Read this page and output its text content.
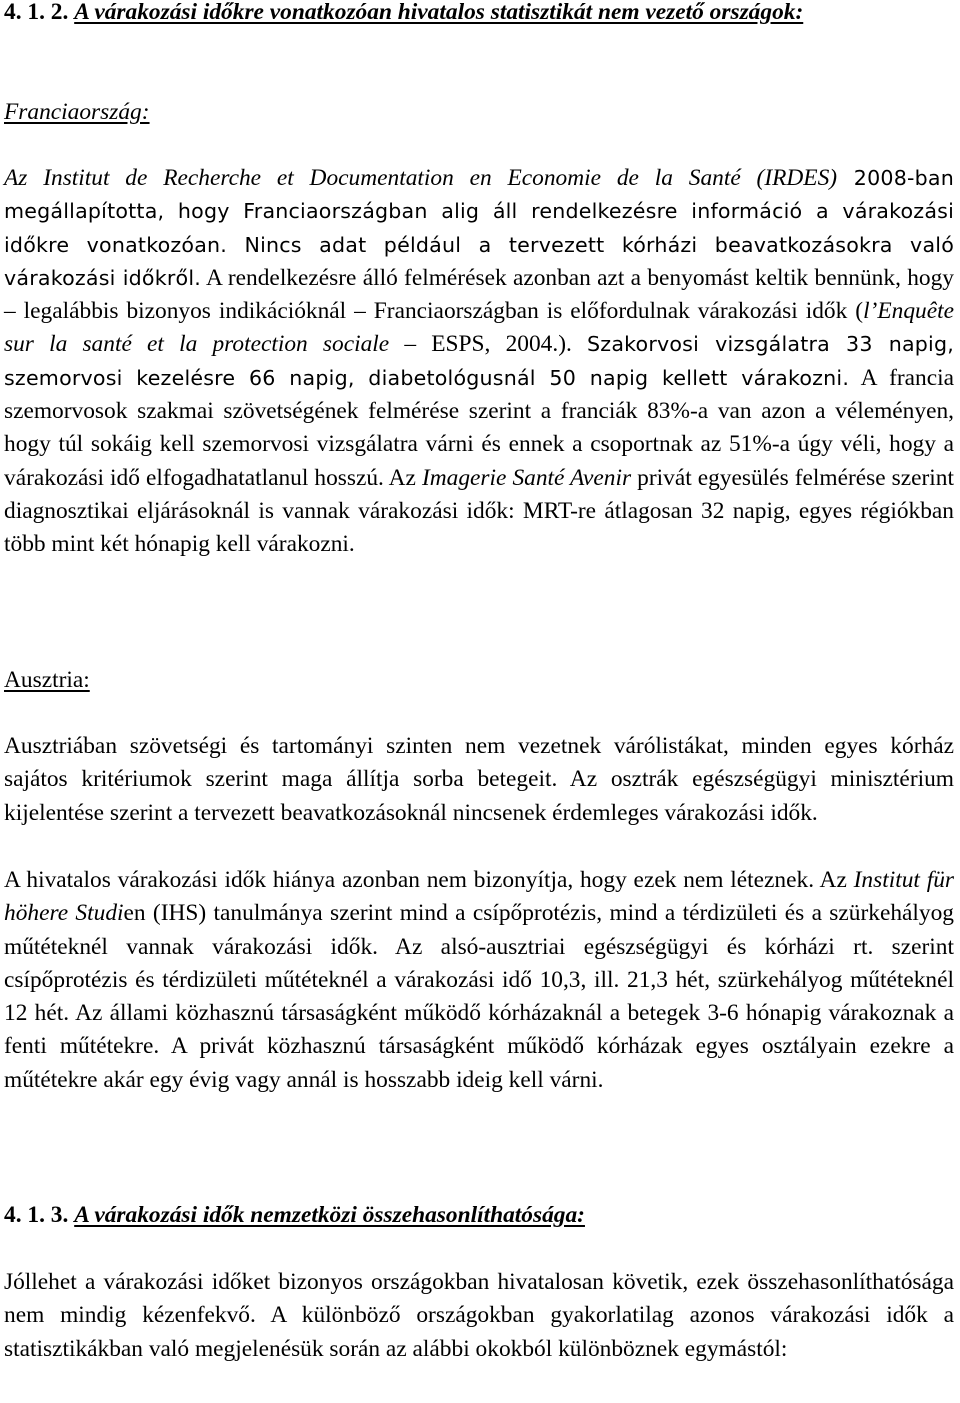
4. 1. 2. A várakozási időkre vonatkozóan hivatalos statisztikát nem vezető országok:

Franciaország:

Az Institut de Recherche et Documentation en Economie de la Santé (IRDES) 2008-ban megállapította, hogy Franciaországban alig áll rendelkezésre információ a várakozási időkre vonatkozóan. Nincs adat például a tervezett kórházi beavatkozásokra való várakozási időkről. A rendelkezésre álló felmérések azonban azt a benyomást keltik bennünk, hogy – legalábbis bizonyos indikációknál – Franciaországban is előfordulnak várakozási idők (l’Enquête sur la santé et la protection sociale – ESPS, 2004.). Szakorvosi vizsgálatra 33 napig, szemorvosi kezelésre 66 napig, diabetológusnál 50 napig kellett várakozni. A francia szemorvosok szakmai szövetségének felmérése szerint a franciák 83%-a van azon a véleményen, hogy túl sokáig kell szemorvosi vizsgálatra várni és ennek a csoportnak az 51%-a úgy véli, hogy a várakozási idő elfogadhatatlanul hosszú. Az Imagerie Santé Avenir privát egyesülés felmérése szerint diagnosztikai eljárásoknál is vannak várakozási idők: MRT-re átlagosan 32 napig, egyes régiókban több mint két hónapig kell várakozni.

Ausztria:

Ausztriában szövetségi és tartományi szinten nem vezetnek várólistákat, minden egyes kórház sajátos kritériumok szerint maga állítja sorba betegeit. Az osztrák egészségügyi minisztérium kijelentése szerint a tervezett beavatkozásoknál nincsenek érdemleges várakozási idők.

A hivatalos várakozási idők hiánya azonban nem bizonyítja, hogy ezek nem léteznek. Az Institut für höhere Studien (IHS) tanulmánya szerint mind a csípőprotézis, mind a térdizületi és a szürkehályog műtéteknél vannak várakozási idők. Az alsó-ausztriai egészségügyi és kórházi rt. szerint csípőprotézis és térdizületi műtéteknél a várakozási idő 10,3, ill. 21,3 hét, szürkehályog műtéteknél 12 hét. Az állami közhasznú társaságként működő kórházaknál a betegek 3-6 hónapig várakoznak a fenti műtétekre. A privát közhasznú társaságként működő kórházak egyes osztályain ezekre a műtétekre akár egy évig vagy annál is hosszabb ideig kell várni.

4. 1. 3. A várakozási idők nemzetközi összehasonlíthatósága:

Jóllehet a várakozási időket bizonyos országokban hivatalosan követik, ezek összehasonlíthatósága nem mindig kézenfekvő. A különböző országokban gyakorlatilag azonos várakozási idők a statisztikákban való megjelenésük során az alábbi okokból különböznek egymástól:
